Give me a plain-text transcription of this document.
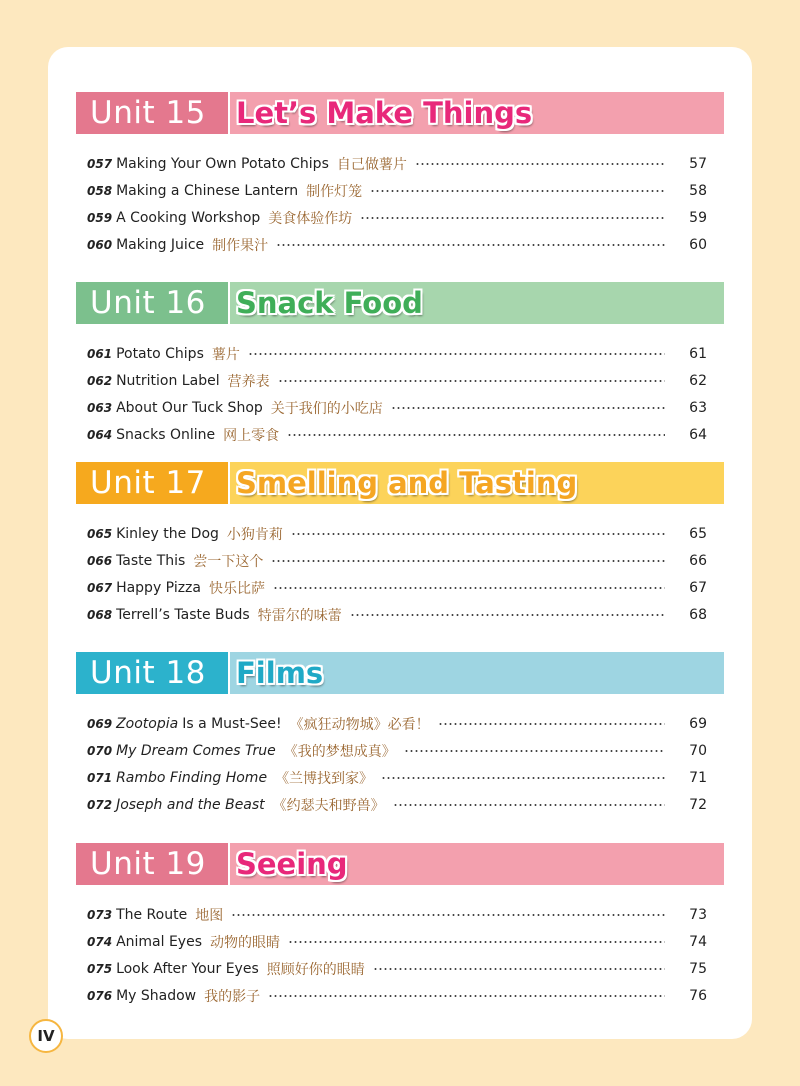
Unit 15	Let’s Make Things
057 Making Your Own Potato Chips 自己做薯片	57
058 Making a Chinese Lantern 制作灯笼	58
059 A Cooking Workshop 美食体验作坊	59
060 Making Juice 制作果汁	60
Unit 16	Snack Food
061 Potato Chips 薯片	61
062 Nutrition Label 营养表	62
063 About Our Tuck Shop 关于我们的小吃店	63
064 Snacks Online 网上零食	64
Unit 17	Smelling and Tasting
065 Kinley the Dog 小狗肯莉	65
066 Taste This 尝一下这个	66
067 Happy Pizza 快乐比萨	67
068 Terrell’s Taste Buds 特雷尔的味蕾	68
Unit 18	Films
069 Zootopia Is a Must-See! 《疯狂动物城》必看！	69
070 My Dream Comes True 《我的梦想成真》	70
071 Rambo Finding Home 《兰博找到家》	71
072 Joseph and the Beast 《约瑟夫和野兽》	72
Unit 19	Seeing
073 The Route 地图	73
074 Animal Eyes 动物的眼睛	74
075 Look After Your Eyes 照顾好你的眼睛	75
076 My Shadow 我的影子	76
IV
